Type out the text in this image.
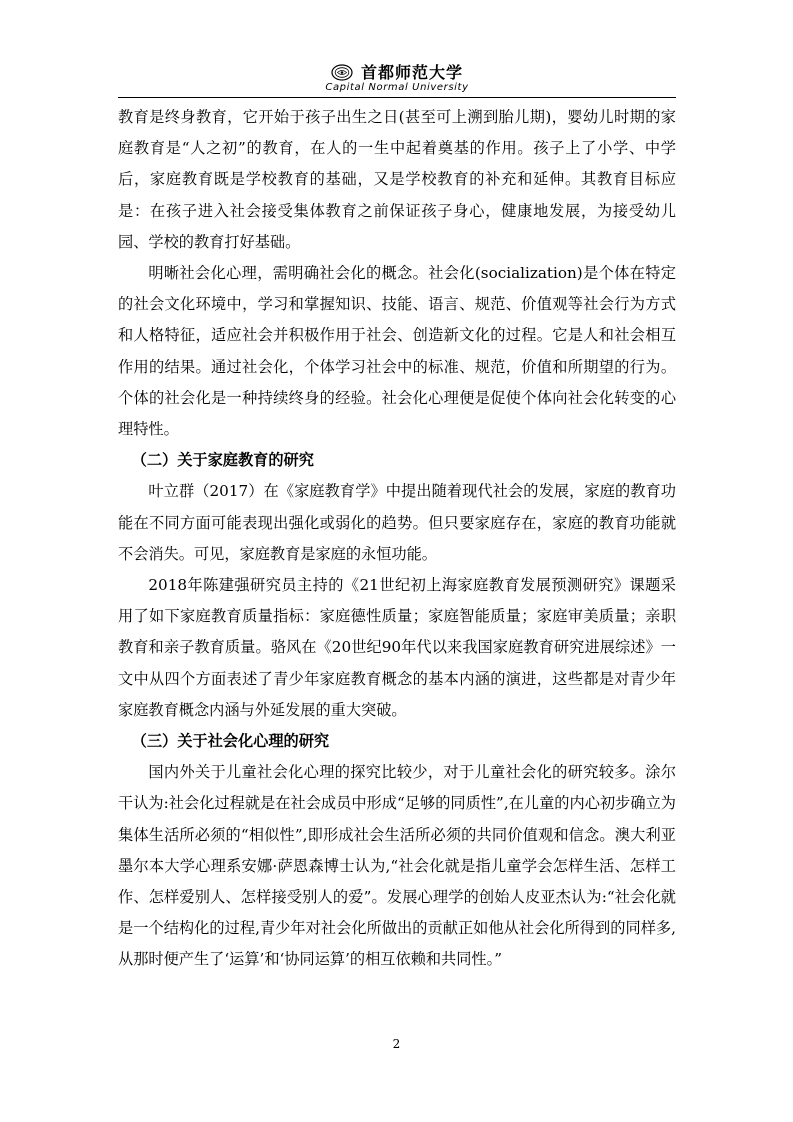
首都师范大学
Capital Normal University

教育是终身教育，它开始于孩子出生之日(甚至可上溯到胎儿期)，婴幼儿时期的家庭教育是“人之初”的教育，在人的一生中起着奠基的作用。孩子上了小学、中学后，家庭教育既是学校教育的基础，又是学校教育的补充和延伸。其教育目标应是：在孩子进入社会接受集体教育之前保证孩子身心，健康地发展，为接受幼儿园、学校的教育打好基础。

明晰社会化心理，需明确社会化的概念。社会化(socialization)是个体在特定的社会文化环境中，学习和掌握知识、技能、语言、规范、价值观等社会行为方式和人格特征，适应社会并积极作用于社会、创造新文化的过程。它是人和社会相互作用的结果。通过社会化，个体学习社会中的标准、规范，价值和所期望的行为。个体的社会化是一种持续终身的经验。社会化心理便是促使个体向社会化转变的心理特性。

（二）关于家庭教育的研究

叶立群（2017）在《家庭教育学》中提出随着现代社会的发展，家庭的教育功能在不同方面可能表现出强化或弱化的趋势。但只要家庭存在，家庭的教育功能就不会消失。可见，家庭教育是家庭的永恒功能。

2018年陈建强研究员主持的《21世纪初上海家庭教育发展预测研究》课题采用了如下家庭教育质量指标：家庭德性质量；家庭智能质量；家庭审美质量；亲职教育和亲子教育质量。骆风在《20世纪90年代以来我国家庭教育研究进展综述》一文中从四个方面表述了青少年家庭教育概念的基本内涵的演进，这些都是对青少年家庭教育概念内涵与外延发展的重大突破。

（三）关于社会化心理的研究

国内外关于儿童社会化心理的探究比较少，对于儿童社会化的研究较多。涂尔干认为:社会化过程就是在社会成员中形成“足够的同质性”,在儿童的内心初步确立为集体生活所必须的“相似性”,即形成社会生活所必须的共同价值观和信念。澳大利亚墨尔本大学心理系安娜·萨恩森博士认为,“社会化就是指儿童学会怎样生活、怎样工作、怎样爱别人、怎样接受别人的爱”。发展心理学的创始人皮亚杰认为:“社会化就是一个结构化的过程,青少年对社会化所做出的贡献正如他从社会化所得到的同样多,从那时便产生了‘运算’和‘协同运算’的相互依赖和共同性。”

2
